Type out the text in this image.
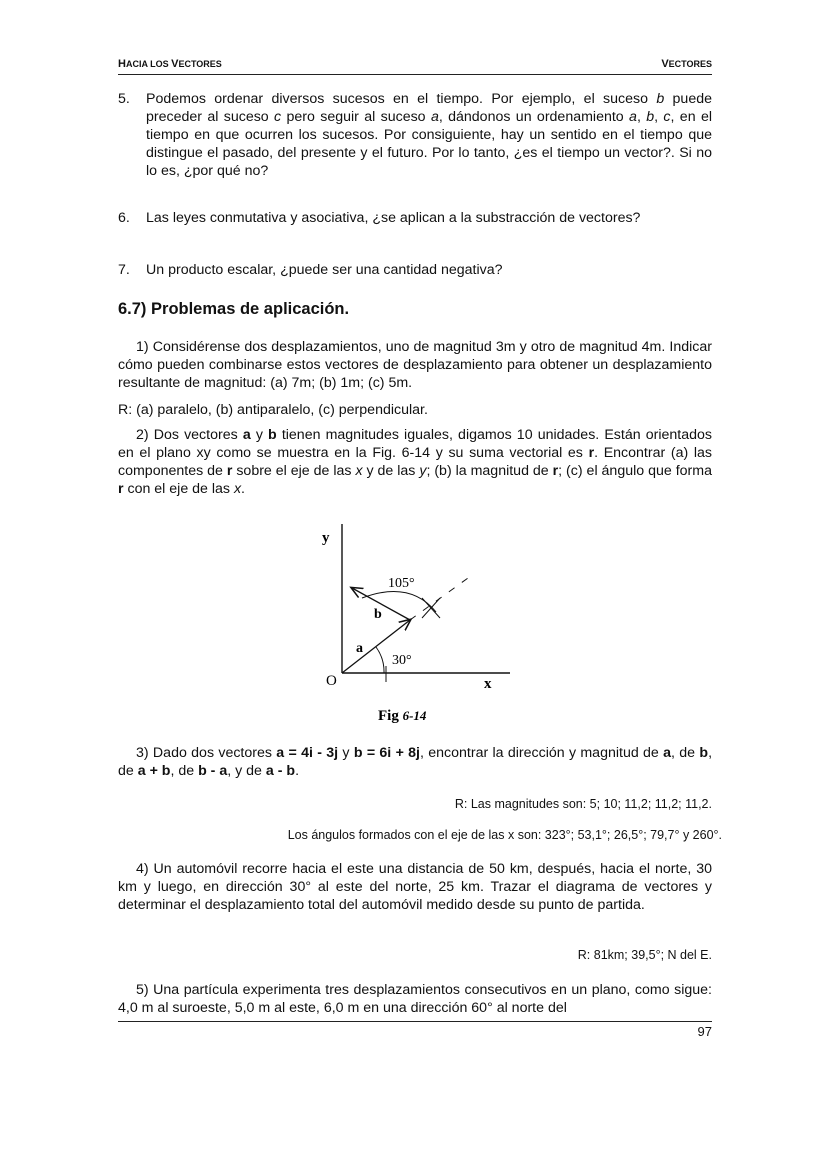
HACIA LOS VECTORES	VECTORES
5. Podemos ordenar diversos sucesos en el tiempo. Por ejemplo, el suceso b puede preceder al suceso c pero seguir al suceso a, dándonos un ordenamiento a, b, c, en el tiempo en que ocurren los sucesos. Por consiguiente, hay un sentido en el tiempo que distingue el pasado, del presente y el futuro. Por lo tanto, ¿es el tiempo un vector?. Si no lo es, ¿por qué no?
6. Las leyes conmutativa y asociativa, ¿se aplican a la substracción de vectores?
7. Un producto escalar, ¿puede ser una cantidad negativa?
6.7) Problemas de aplicación.
1) Considérense dos desplazamientos, uno de magnitud 3m y otro de magnitud 4m. Indicar cómo pueden combinarse estos vectores de desplazamiento para obtener un desplazamiento resultante de magnitud: (a) 7m; (b) 1m; (c) 5m.
R: (a) paralelo, (b) antiparalelo, (c) perpendicular.
2) Dos vectores a y b tienen magnitudes iguales, digamos 10 unidades. Están orientados en el plano xy como se muestra en la Fig. 6-14 y su suma vectorial es r. Encontrar (a) las componentes de r sobre el eje de las x y de las y; (b) la magnitud de r; (c) el ángulo que forma r con el eje de las x.
y
x
O
a
b
30°
105°
Fig 6-14
3) Dado dos vectores a = 4i - 3j y b = 6i + 8j, encontrar la dirección y magnitud de a, de b, de a + b, de b - a, y de a - b.
R: Las magnitudes son: 5; 10; 11,2; 11,2; 11,2.
Los ángulos formados con el eje de las x son: 323°; 53,1°; 26,5°; 79,7° y 260°.
4) Un automóvil recorre hacia el este una distancia de 50 km, después, hacia el norte, 30 km y luego, en dirección 30° al este del norte, 25 km. Trazar el diagrama de vectores y determinar el desplazamiento total del automóvil medido desde su punto de partida.
R: 81km; 39,5°; N del E.
5) Una partícula experimenta tres desplazamientos consecutivos en un plano, como sigue: 4,0 m al suroeste, 5,0 m al este, 6,0 m en una dirección 60° al norte del
97
